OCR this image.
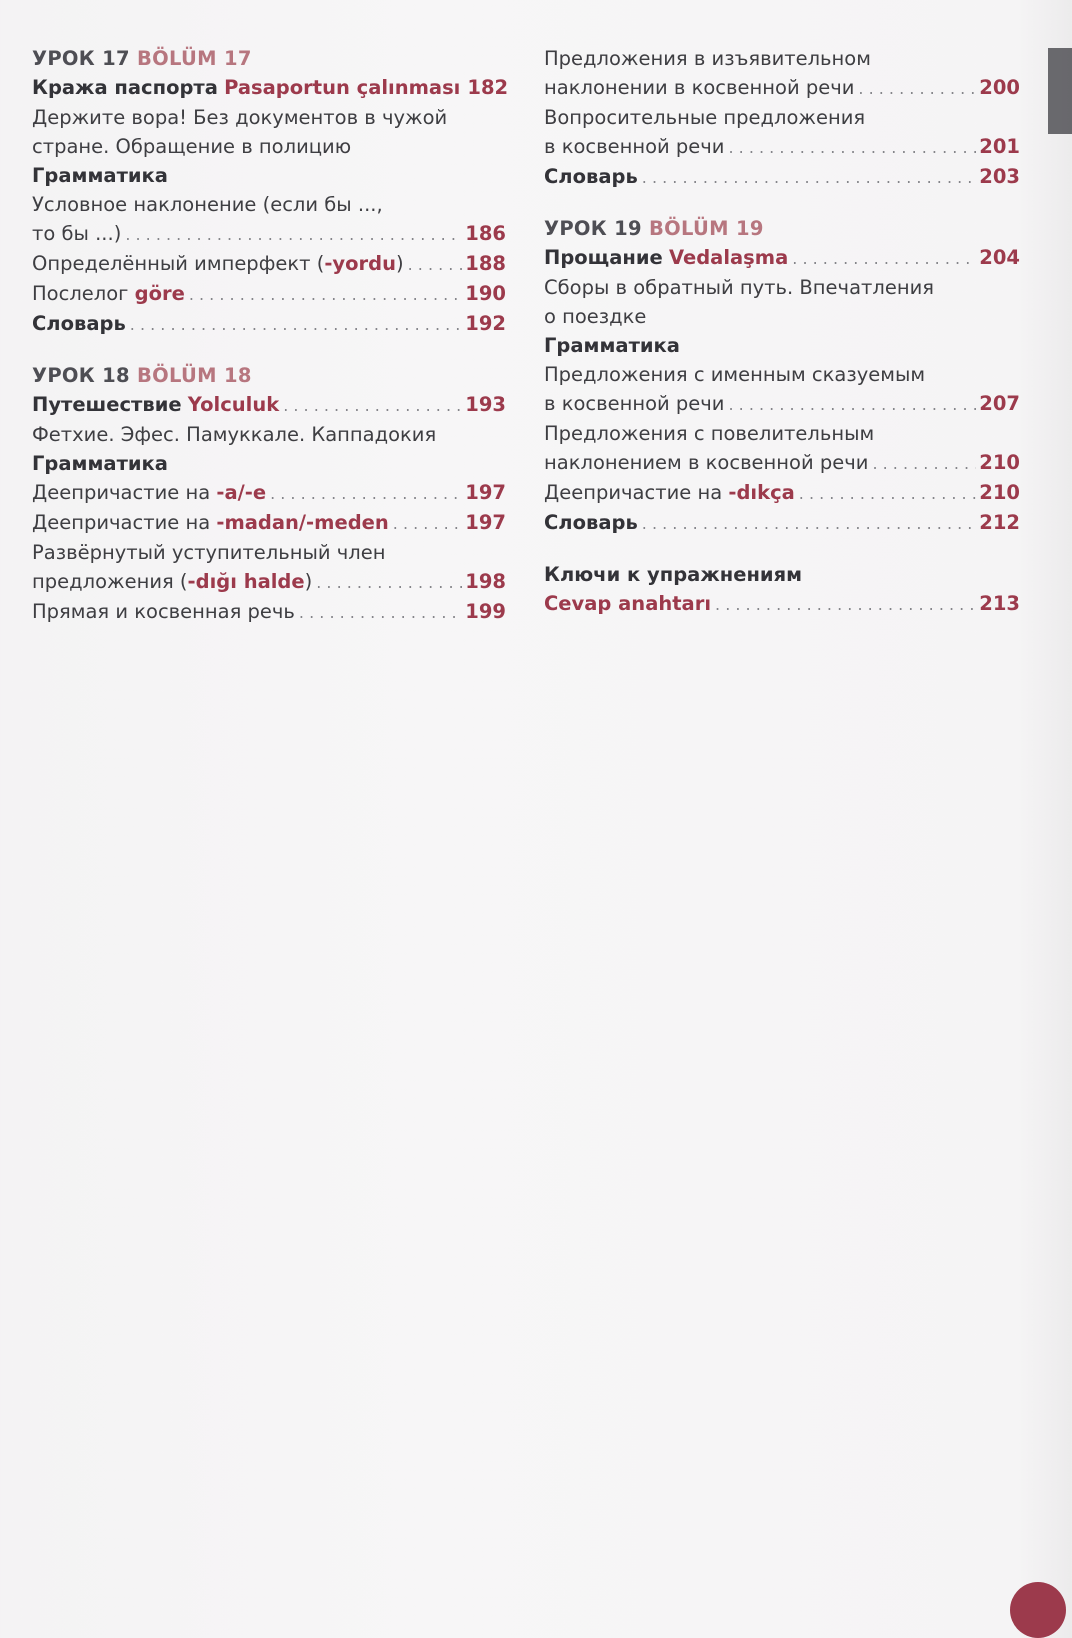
УРОК 17 BÖLÜM 17
Кража паспорта
Pasaportun çalınması 182
Держите вора! Без документов в чужой
стране. Обращение в полицию
Грамматика
Условное наклонение (если бы ...,
то бы ...) . . .	186
Определённый имперфект (-yordu) . . .	188
Послелог göre . . .	190
Словарь . . .	192
УРОК 18 BÖLÜM 18
Путешествие
Yolculuk . . .	193
Фетхие. Эфес. Памуккале. Каппадокия
Грамматика
Деепричастие на -a/-e . . .	197
Деепричастие на -madan/-meden . . .	197
Развёрнутый уступительный член
предложения (-dığı halde) . . .	198
Прямая и косвенная речь . . .	199
Предложения в изъявительном
наклонении в косвенной речи . . .	200
Вопросительные предложения
в косвенной речи . . .	201
Словарь . . .	203
УРОК 19 BÖLÜM 19
Прощание
Vedalaşma . . .	204
Сборы в обратный путь. Впечатления
о поездке
Грамматика
Предложения с именным сказуемым
в косвенной речи . . .	207
Предложения с повелительным
наклонением в косвенной речи . . .	210
Деепричастие на -dıkça . . .	210
Словарь . . .	212
Ключи к упражнениям
Cevap anahtarı . . .	213
